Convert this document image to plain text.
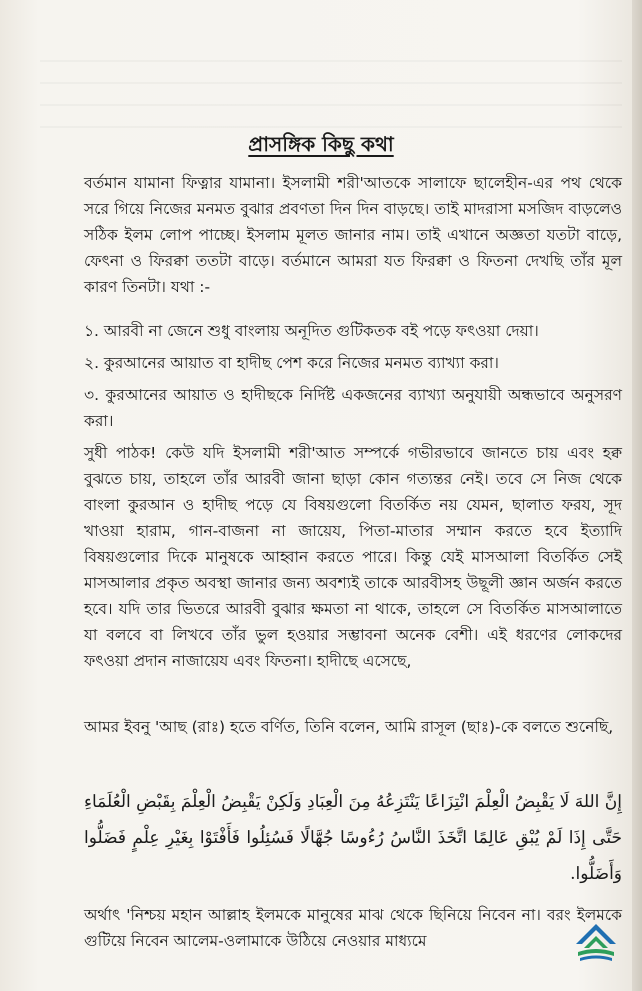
প্রাসঙ্গিক কিছু কথা
বর্তমান যামানা ফিত্নার যামানা। ইসলামী শরী'আতকে সালাফে ছালেহীন-এর পথ থেকে সরে গিয়ে নিজের মনমত বুঝার প্রবণতা দিন দিন বাড়ছে। তাই মাদরাসা মসজিদ বাড়লেও সঠিক ইলম লোপ পাচ্ছে। ইসলাম মূলত জানার নাম। তাই এখানে অজ্ঞতা যতটা বাড়ে, ফেৎনা ও ফিরক্বা ততটা বাড়ে। বর্তমানে আমরা যত ফিরক্বা ও ফিতনা দেখছি তাঁর মূল কারণ তিনটা। যথা :-
১. আরবী না জেনে শুধু বাংলায় অনূদিত গুটিকতক বই পড়ে ফৎওয়া দেয়া।
২. কুরআনের আয়াত বা হাদীছ পেশ করে নিজের মনমত ব্যাখ্যা করা।
৩. কুরআনের আয়াত ও হাদীছকে নির্দিষ্ট একজনের ব্যাখ্যা অনুযায়ী অন্ধভাবে অনুসরণ করা।
সুধী পাঠক! কেউ যদি ইসলামী শরী'আত সম্পর্কে গভীরভাবে জানতে চায় এবং হক্ব বুঝতে চায়, তাহলে তাঁর আরবী জানা ছাড়া কোন গত্যন্তর নেই। তবে সে নিজ থেকে বাংলা কুরআন ও হাদীছ পড়ে যে বিষয়গুলো বিতর্কিত নয় যেমন, ছালাত ফরয, সূদ খাওয়া হারাম, গান-বাজনা না জায়েয, পিতা-মাতার সম্মান করতে হবে ইত্যাদি বিষয়গুলোর দিকে মানুষকে আহ্বান করতে পারে। কিন্তু যেই মাসআলা বিতর্কিত সেই মাসআলার প্রকৃত অবস্থা জানার জন্য অবশ্যই তাকে আরবীসহ উছূলী জ্ঞান অর্জন করতে হবে। যদি তার ভিতরে আরবী বুঝার ক্ষমতা না থাকে, তাহলে সে বিতর্কিত মাসআলাতে যা বলবে বা লিখবে তাঁর ভুল হওয়ার সম্ভাবনা অনেক বেশী। এই ধরণের লোকদের ফৎওয়া প্রদান নাজায়েয এবং ফিতনা। হাদীছে এসেছে,
আমর ইবনু 'আছ (রাঃ) হতে বর্ণিত, তিনি বলেন, আমি রাসূল (ছাঃ)-কে বলতে শুনেছি,
إِنَّ اللهَ لَا يَقْبِضُ الْعِلْمَ انْتِزَاعًا يَنْتَزِعُهُ مِنَ الْعِبَادِ وَلَكِنْ يَقْبِضُ الْعِلْمَ بِقَبْضِ الْعُلَمَاءِ حَتَّى إِذَا لَمْ يُبْقِ عَالِمًا اتَّخَذَ النَّاسُ رُءُوسًا جُهَّالًا فَسُئِلُوا فَأَفْتَوْا بِغَيْرِ عِلْمٍ فَضَلُّوا وَأَضَلُّوا.
অর্থাৎ 'নিশ্চয় মহান আল্লাহ ইলমকে মানুষের মাঝ থেকে ছিনিয়ে নিবেন না। বরং ইলমকে গুটিয়ে নিবেন আলেম-ওলামাকে উঠিয়ে নেওয়ার মাধ্যমে
